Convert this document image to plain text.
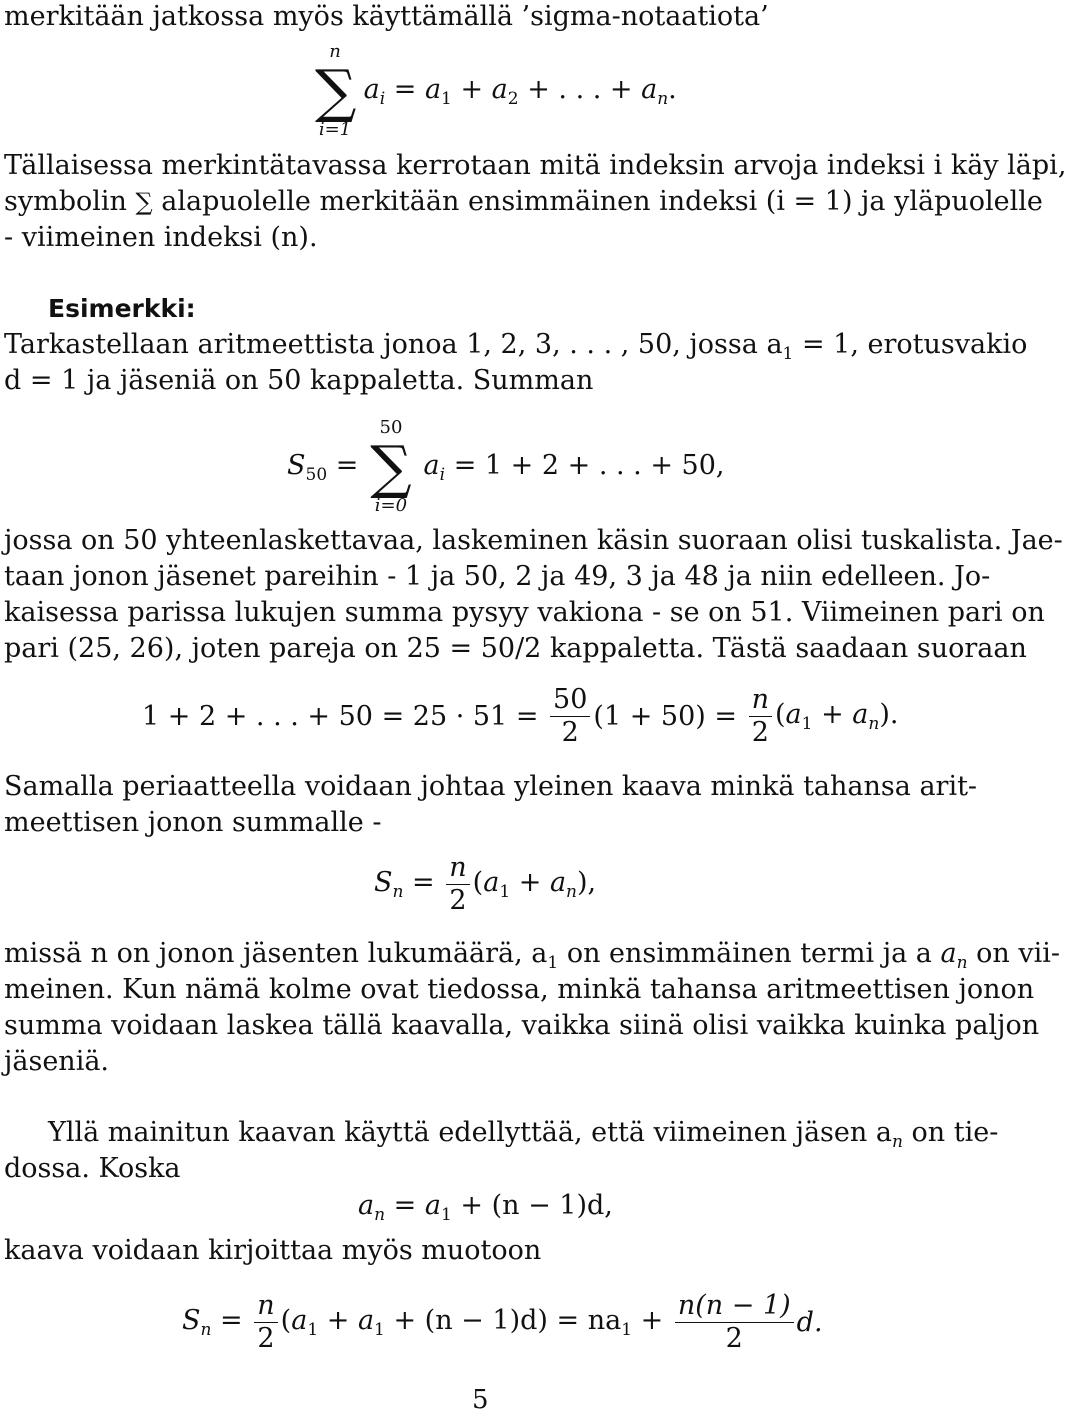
merkitään jatkossa myös käyttämällä ’sigma-notaatiota’
n
∑
i=1
$a_i = a_1 + a_2$ + . . . + $a_n$.
Tällaisessa merkintätavassa kerrotaan mitä indeksin arvoja indeksi i käy läpi,
symbolin ∑ alapuolelle merkitään ensimmäinen indeksi (i = 1) ja yläpuolelle
- viimeinen indeksi (n).
Esimerkki:
Tarkastellaan aritmeettista jonoa 1, 2, 3, . . . , 50, jossa $a_1 = 1$, erotusvakio
d = 1 ja jäseniä on 50 kappaletta. Summan
$S_{50}$ =
50
∑
i=0
$a_i = 1 + 2$ + . . . + 50,
jossa on 50 yhteenlaskettavaa, laskeminen käsin suoraan olisi tuskalista. Jae-
taan jonon jäsenet pareihin - 1 ja 50, 2 ja 49, 3 ja 48 ja niin edelleen. Jo-
kaisessa parissa lukujen summa pysyy vakiona - se on 51. Viimeinen pari on
pari (25, 26), joten pareja on 25 = 50/2 kappaletta. Tästä saadaan suoraan
1 + 2 + . . . + $50 = 25 \cdot 51 = \frac{50}{2} (1 + 50) = \frac{n}{2} (a_1 + a_n)$.
Samalla periaatteella voidaan johtaa yleinen kaava minkä tahansa arit-
meettisen jonon summalle -
$S_n = \frac{n}{2} (a_1 + a_n)$,
missä n on jonon jäsenten lukumäärä, $a_1$ on ensimmäinen termi ja a $a_n$ on vii-
meinen. Kun nämä kolme ovat tiedossa, minkä tahansa aritmeettisen jonon
summa voidaan laskea tällä kaavalla, vaikka siinä olisi vaikka kuinka paljon
jäseniä.
Yllä mainitun kaavan käyttä edellyttää, että viimeinen jäsen $a_n$ on tie-
dossa. Koska
$a_n = a_1 + (n - 1)d$,
kaava voidaan kirjoittaa myös muotoon
$S_n = \frac{n}{2} (a_1 + a_1 + (n - 1)d) = na_1 + \frac{n(n - 1)}{2} d$.
5
